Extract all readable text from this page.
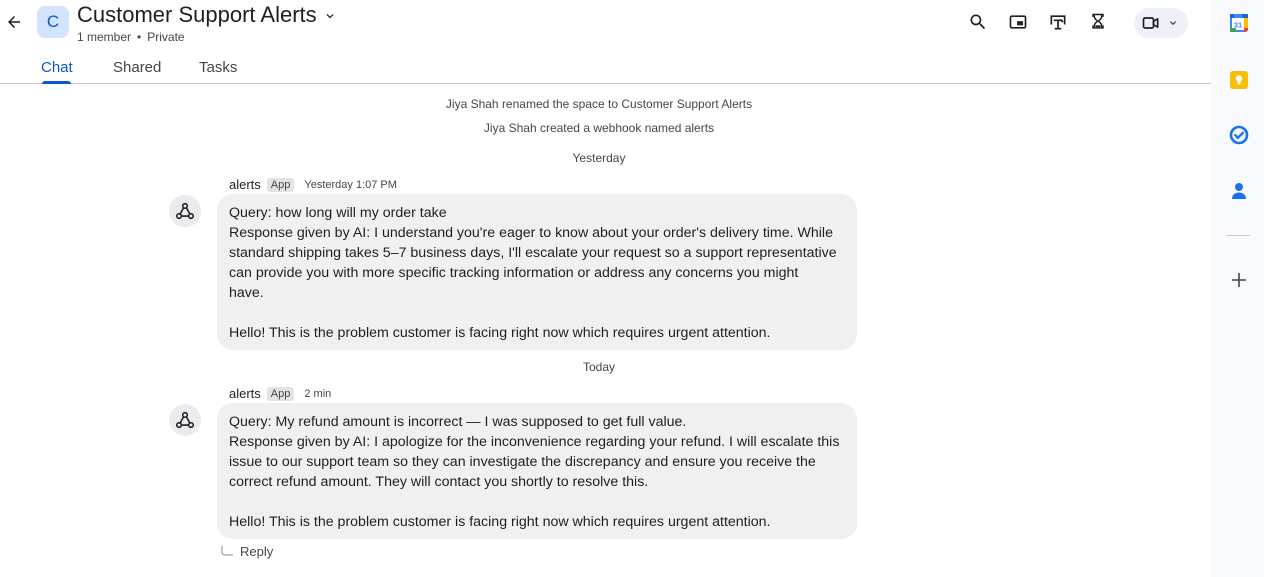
C Customer Support Alerts
1 member • Private
Chat	Shared	Tasks
Jiya Shah renamed the space to Customer Support Alerts
Jiya Shah created a webhook named alerts
Yesterday
alerts App	Yesterday 1:07 PM
Query: how long will my order take
Response given by AI: I understand you're eager to know about your order's delivery time. While
standard shipping takes 5–7 business days, I'll escalate your request so a support representative
can provide you with more specific tracking information or address any concerns you might
have.
Hello! This is the problem customer is facing right now which requires urgent attention.
Today
alerts App	2 min
Query: My refund amount is incorrect — I was supposed to get full value.
Response given by AI: I apologize for the inconvenience regarding your refund. I will escalate this
issue to our support team so they can investigate the discrepancy and ensure you receive the
correct refund amount. They will contact you shortly to resolve this.
Hello! This is the problem customer is facing right now which requires urgent attention.
Reply
31
